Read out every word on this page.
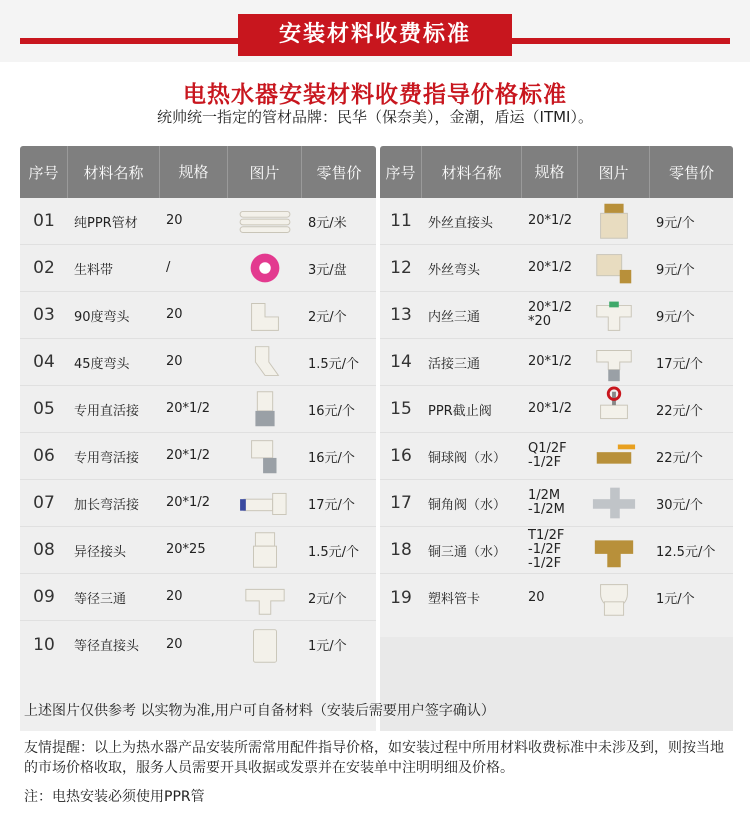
安装材料收费标准
电热水器安装材料收费指导价格标准
统帅统一指定的管材品牌：民华（保奈美），金潮，盾运（ITMI）。
序号	材料名称	规格	图片	零售价
01	纯PPR管材	20	8元/米
02	生料带	/	3元/盘
03	90度弯头	20	2元/个
04	45度弯头	20	1.5元/个
05	专用直活接	20*1/2	16元/个
06	专用弯活接	20*1/2	16元/个
07	加长弯活接	20*1/2	17元/个
08	异径接头	20*25	1.5元/个
09	等径三通	20	2元/个
10	等径直接头	20	1元/个
序号	材料名称	规格	图片	零售价
11	外丝直接头	20*1/2	9元/个
12	外丝弯头	20*1/2	9元/个
13	内丝三通
20*1/2
*20	9元/个
14	活接三通	20*1/2	17元/个
15	PPR截止阀	20*1/2	22元/个
16	铜球阀（水）
Q1/2F
-1/2F	22元/个
17	铜角阀（水）
1/2M
-1/2M	30元/个
18	铜三通（水）
T1/2F
-1/2F
-1/2F
12.5元/个
19	塑料管卡	20	1元/个
上述图片仅供参考 以实物为准,用户可自备材料（安装后需要用户签字确认）
友情提醒：以上为热水器产品安装所需常用配件指导价格，如安装过程中所用材料收费标准中未涉及到，则按当地的市场价格收取，服务人员需要开具收据或发票并在安装单中注明明细及价格。
注：电热安装必须使用PPR管
